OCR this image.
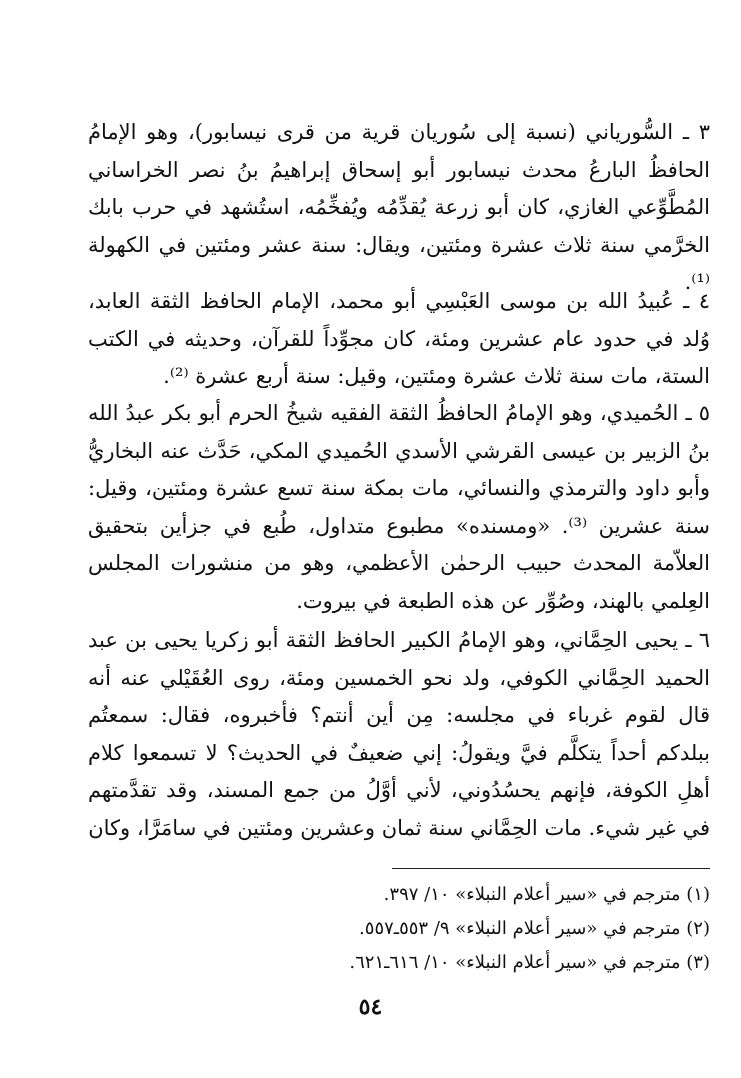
٣ ـ السُّورياني (نسبة إلى سُوريان قرية من قرى نيسابور)، وهو الإمامُ الحافظُ البارعُ محدث نيسابور أبو إسحاق إبراهيمُ بنُ نصر الخراساني المُطَّوِّعي الغازي، كان أبو زرعة يُقدِّمُه ويُفخِّمُه، استُشهد في حرب بابك الخرَّمي سنة ثلاث عشرة ومئتين، ويقال: سنة عشر ومئتين في الكهولة ⁽¹⁾.

٤ ـ عُبيدُ الله بن موسى العَبْسِي أبو محمد، الإمام الحافظ الثقة العابد، وُلد في حدود عام عشرين ومئة، كان مجوِّداً للقرآن، وحديثه في الكتب الستة، مات سنة ثلاث عشرة ومئتين، وقيل: سنة أربع عشرة ⁽²⁾.

٥ ـ الحُميدي، وهو الإمامُ الحافظُ الثقة الفقيه شيخُ الحرم أبو بكر عبدُ الله بنُ الزبير بن عيسى القرشي الأسدي الحُميدي المكي، حَدَّث عنه البخاريُّ وأبو داود والترمذي والنسائي، مات بمكة سنة تسع عشرة ومئتين، وقيل: سنة عشرين ⁽³⁾. «ومسنده» مطبوع متداول، طُبع في جزأين بتحقيق العلاّمة المحدث حبيب الرحمٰن الأعظمي، وهو من منشورات المجلس العِلمي بالهند، وصُوِّر عن هذه الطبعة في بيروت.

٦ ـ يحيى الحِمَّاني، وهو الإمامُ الكبير الحافظ الثقة أبو زكريا يحيى بن عبد الحميد الحِمَّاني الكوفي، ولد نحو الخمسين ومئة، روى العُقَيْلي عنه أنه قال لقوم غرباء في مجلسه: مِن أين أنتم؟ فأخبروه، فقال: سمعتُم ببلدكم أحداً يتكلَّم فيَّ ويقولُ: إني ضعيفٌ في الحديث؟ لا تسمعوا كلام أهلِ الكوفة، فإنهم يحسُدُوني، لأني أوَّلُ من جمع المسند، وقد تقدَّمتهم في غير شيء. مات الحِمَّاني سنة ثمان وعشرين ومئتين في سامَرَّا، وكان

(١) مترجم في «سير أعلام النبلاء» ١٠/ ٣٩٧.

(٢) مترجم في «سير أعلام النبلاء» ٩/ ٥٥٣ـ٥٥٧.

(٣) مترجم في «سير أعلام النبلاء» ١٠/ ٦١٦ـ٦٢١.

٥٤
